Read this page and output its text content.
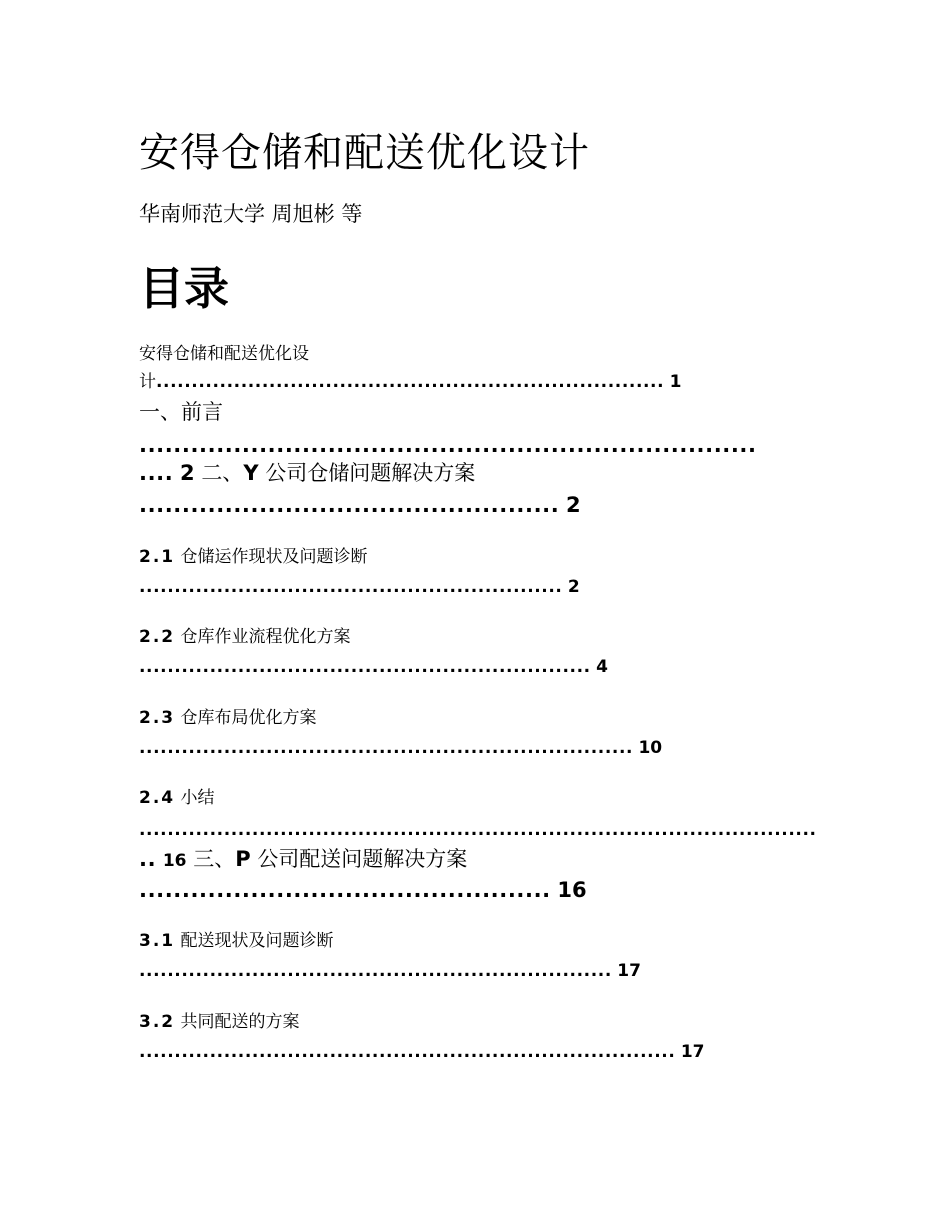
安得仓储和配送优化设计
华南师范大学 周旭彬 等
目录
安得仓储和配送优化设
计........................................................................ 1
一、前言
........................................................................
.... 2 二、Y 公司仓储问题解决方案
................................................. 2
2.1 仓储运作现状及问题诊断
............................................................ 2
2.2 仓库作业流程优化方案
................................................................ 4
2.3 仓库布局优化方案
...................................................................... 10
2.4 小结
................................................................................................
.. 16 三、P 公司配送问题解决方案
................................................ 16
3.1 配送现状及问题诊断
................................................................... 17
3.2 共同配送的方案
............................................................................ 17
